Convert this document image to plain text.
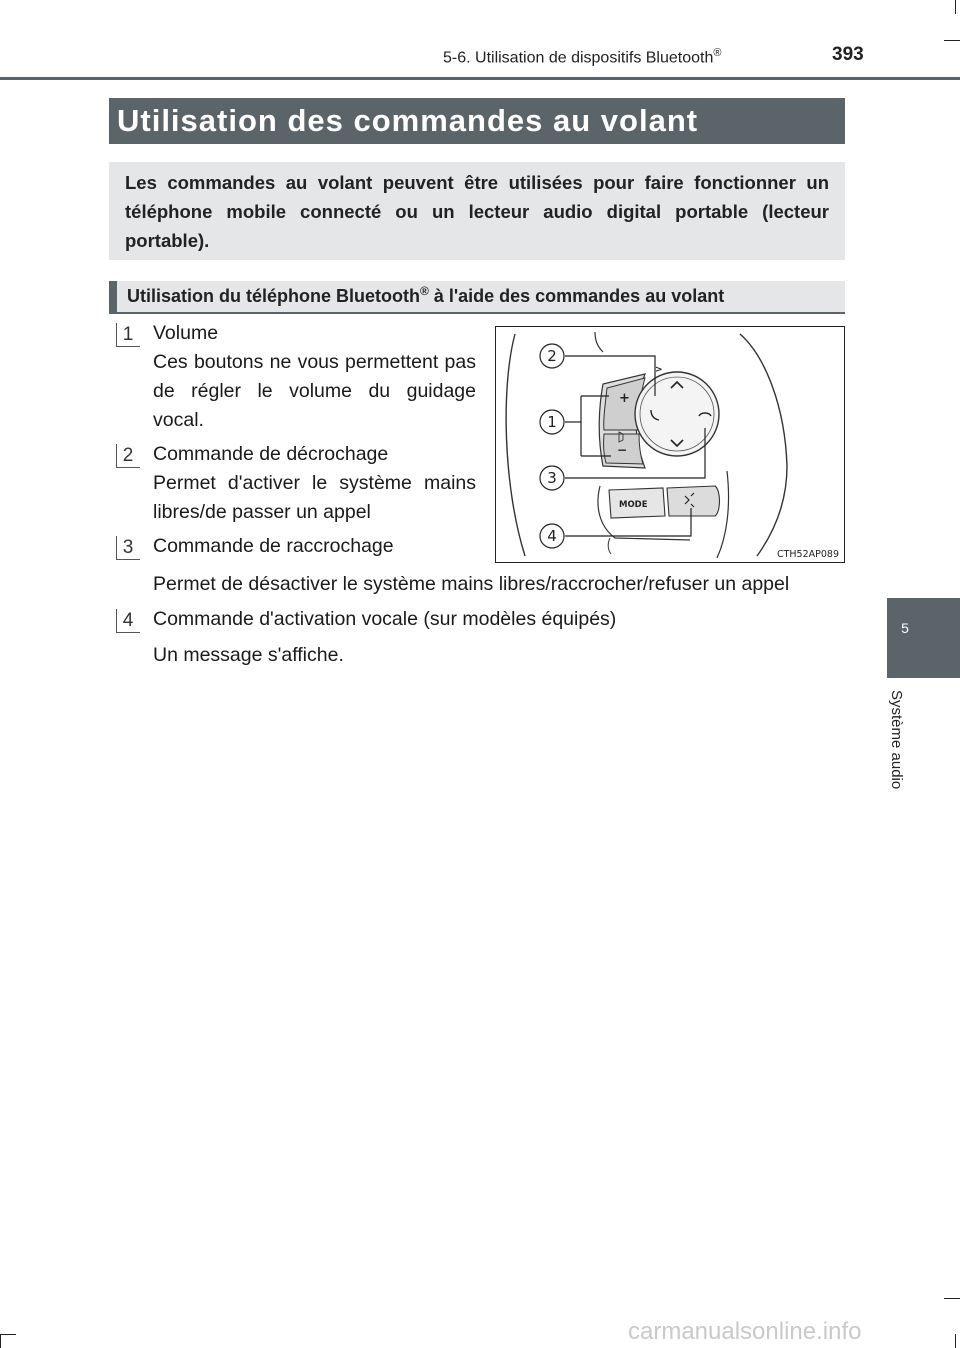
5-6. Utilisation de dispositifs Bluetooth®	393
Utilisation des commandes au volant

Les commandes au volant peuvent être utilisées pour faire fonctionner un téléphone mobile connecté ou un lecteur audio digital portable (lecteur portable).

Utilisation du téléphone Bluetooth® à l'aide des commandes au volant
1	Volume

Ces boutons ne vous permettent pas de régler le volume du guidage vocal.

2	Commande de décrochage

Permet d'activer le système mains libres/de passer un appel

3	Commande de raccrochage

Permet de désactiver le système mains libres/raccrocher/refuser un appel

4	Commande d'activation vocale (sur modèles équipés)

Un message s'affiche.

+
−
>
MODE
2
1
3
4
CTH52AP089
5
Système audio
carmanualsonline.info
